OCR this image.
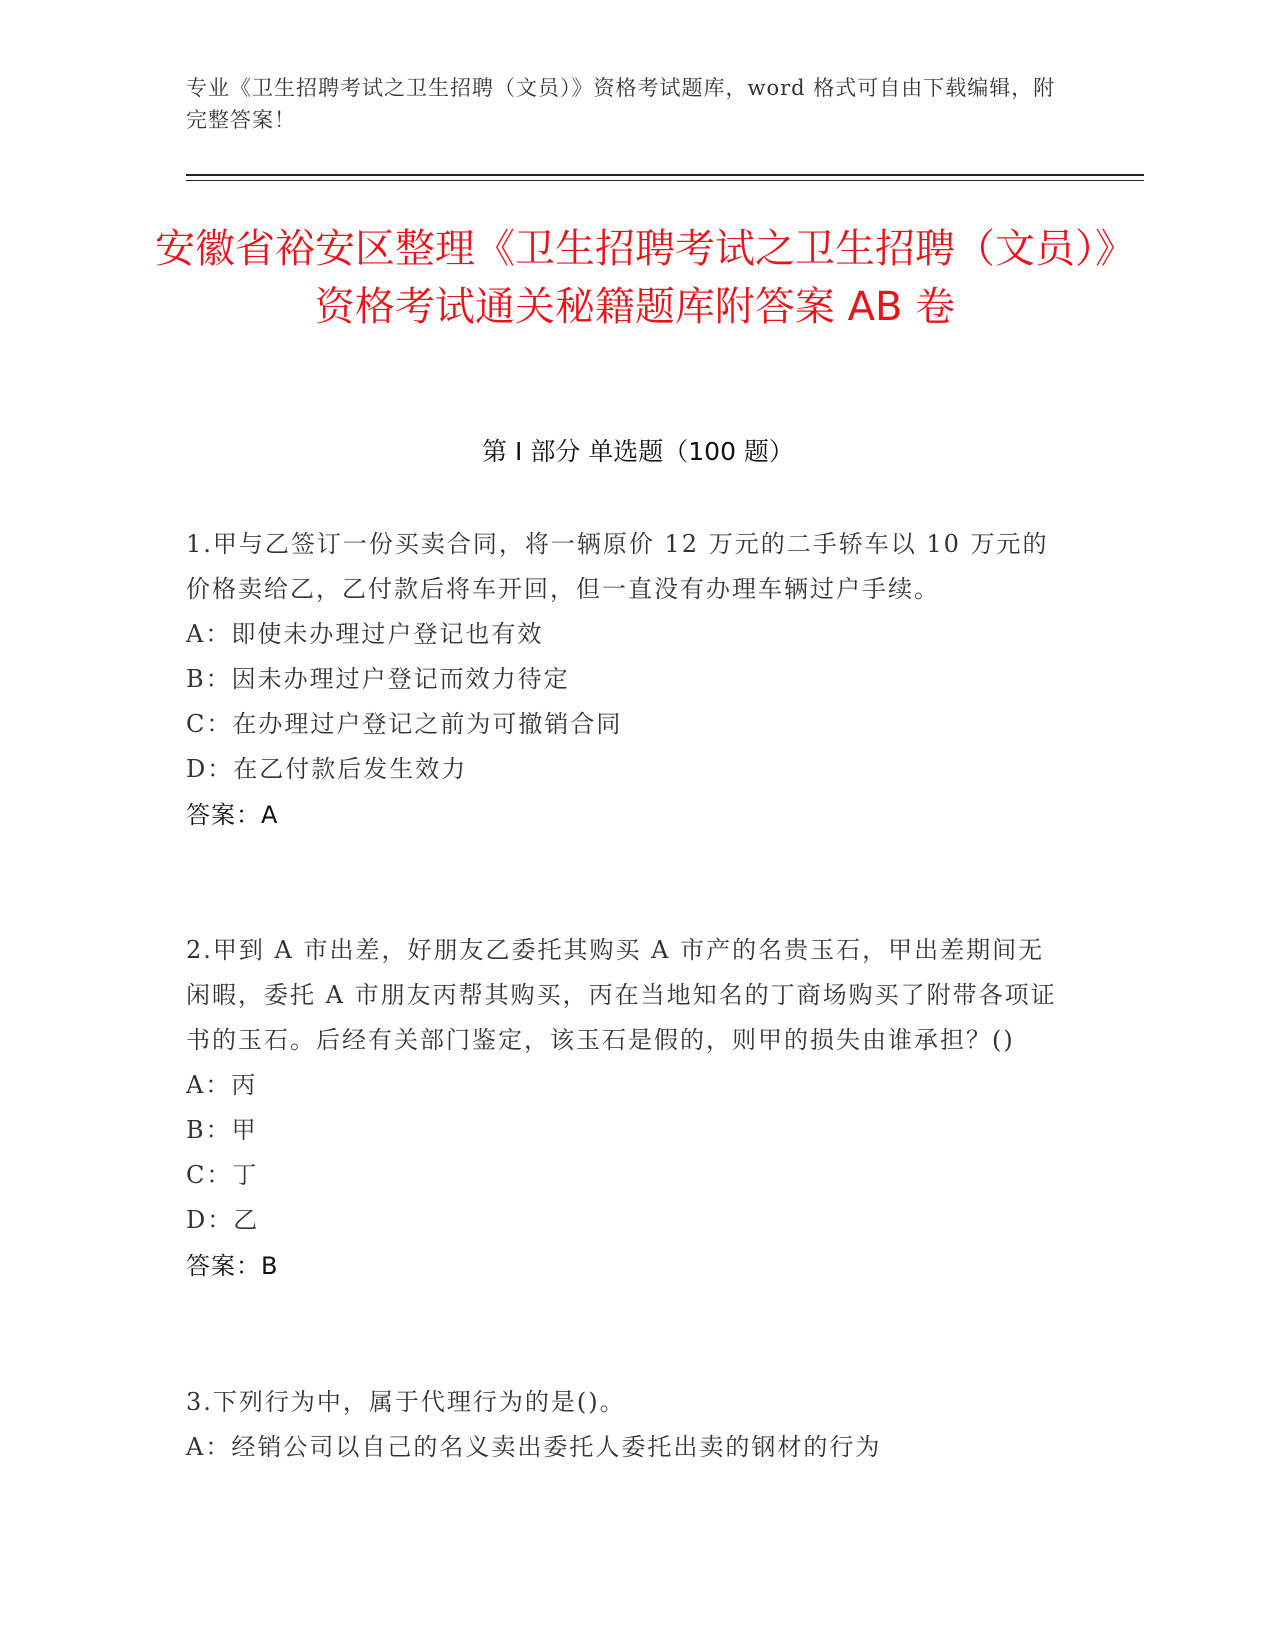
专业《卫生招聘考试之卫生招聘（文员）》资格考试题库，word 格式可自由下载编辑，附完整答案！
安徽省裕安区整理《卫生招聘考试之卫生招聘（文员）》资格考试通关秘籍题库附答案 AB 卷
第 I 部分 单选题（100 题）
1.甲与乙签订一份买卖合同，将一辆原价 12 万元的二手轿车以 10 万元的价格卖给乙，乙付款后将车开回，但一直没有办理车辆过户手续。
A：即使未办理过户登记也有效
B：因未办理过户登记而效力待定
C：在办理过户登记之前为可撤销合同
D：在乙付款后发生效力
答案：A
2.甲到 A 市出差，好朋友乙委托其购买 A 市产的名贵玉石，甲出差期间无闲暇，委托 A 市朋友丙帮其购买，丙在当地知名的丁商场购买了附带各项证书的玉石。后经有关部门鉴定，该玉石是假的，则甲的损失由谁承担？()
A：丙
B：甲
C：丁
D：乙
答案：B
3.下列行为中，属于代理行为的是()。
A：经销公司以自己的名义卖出委托人委托出卖的钢材的行为
